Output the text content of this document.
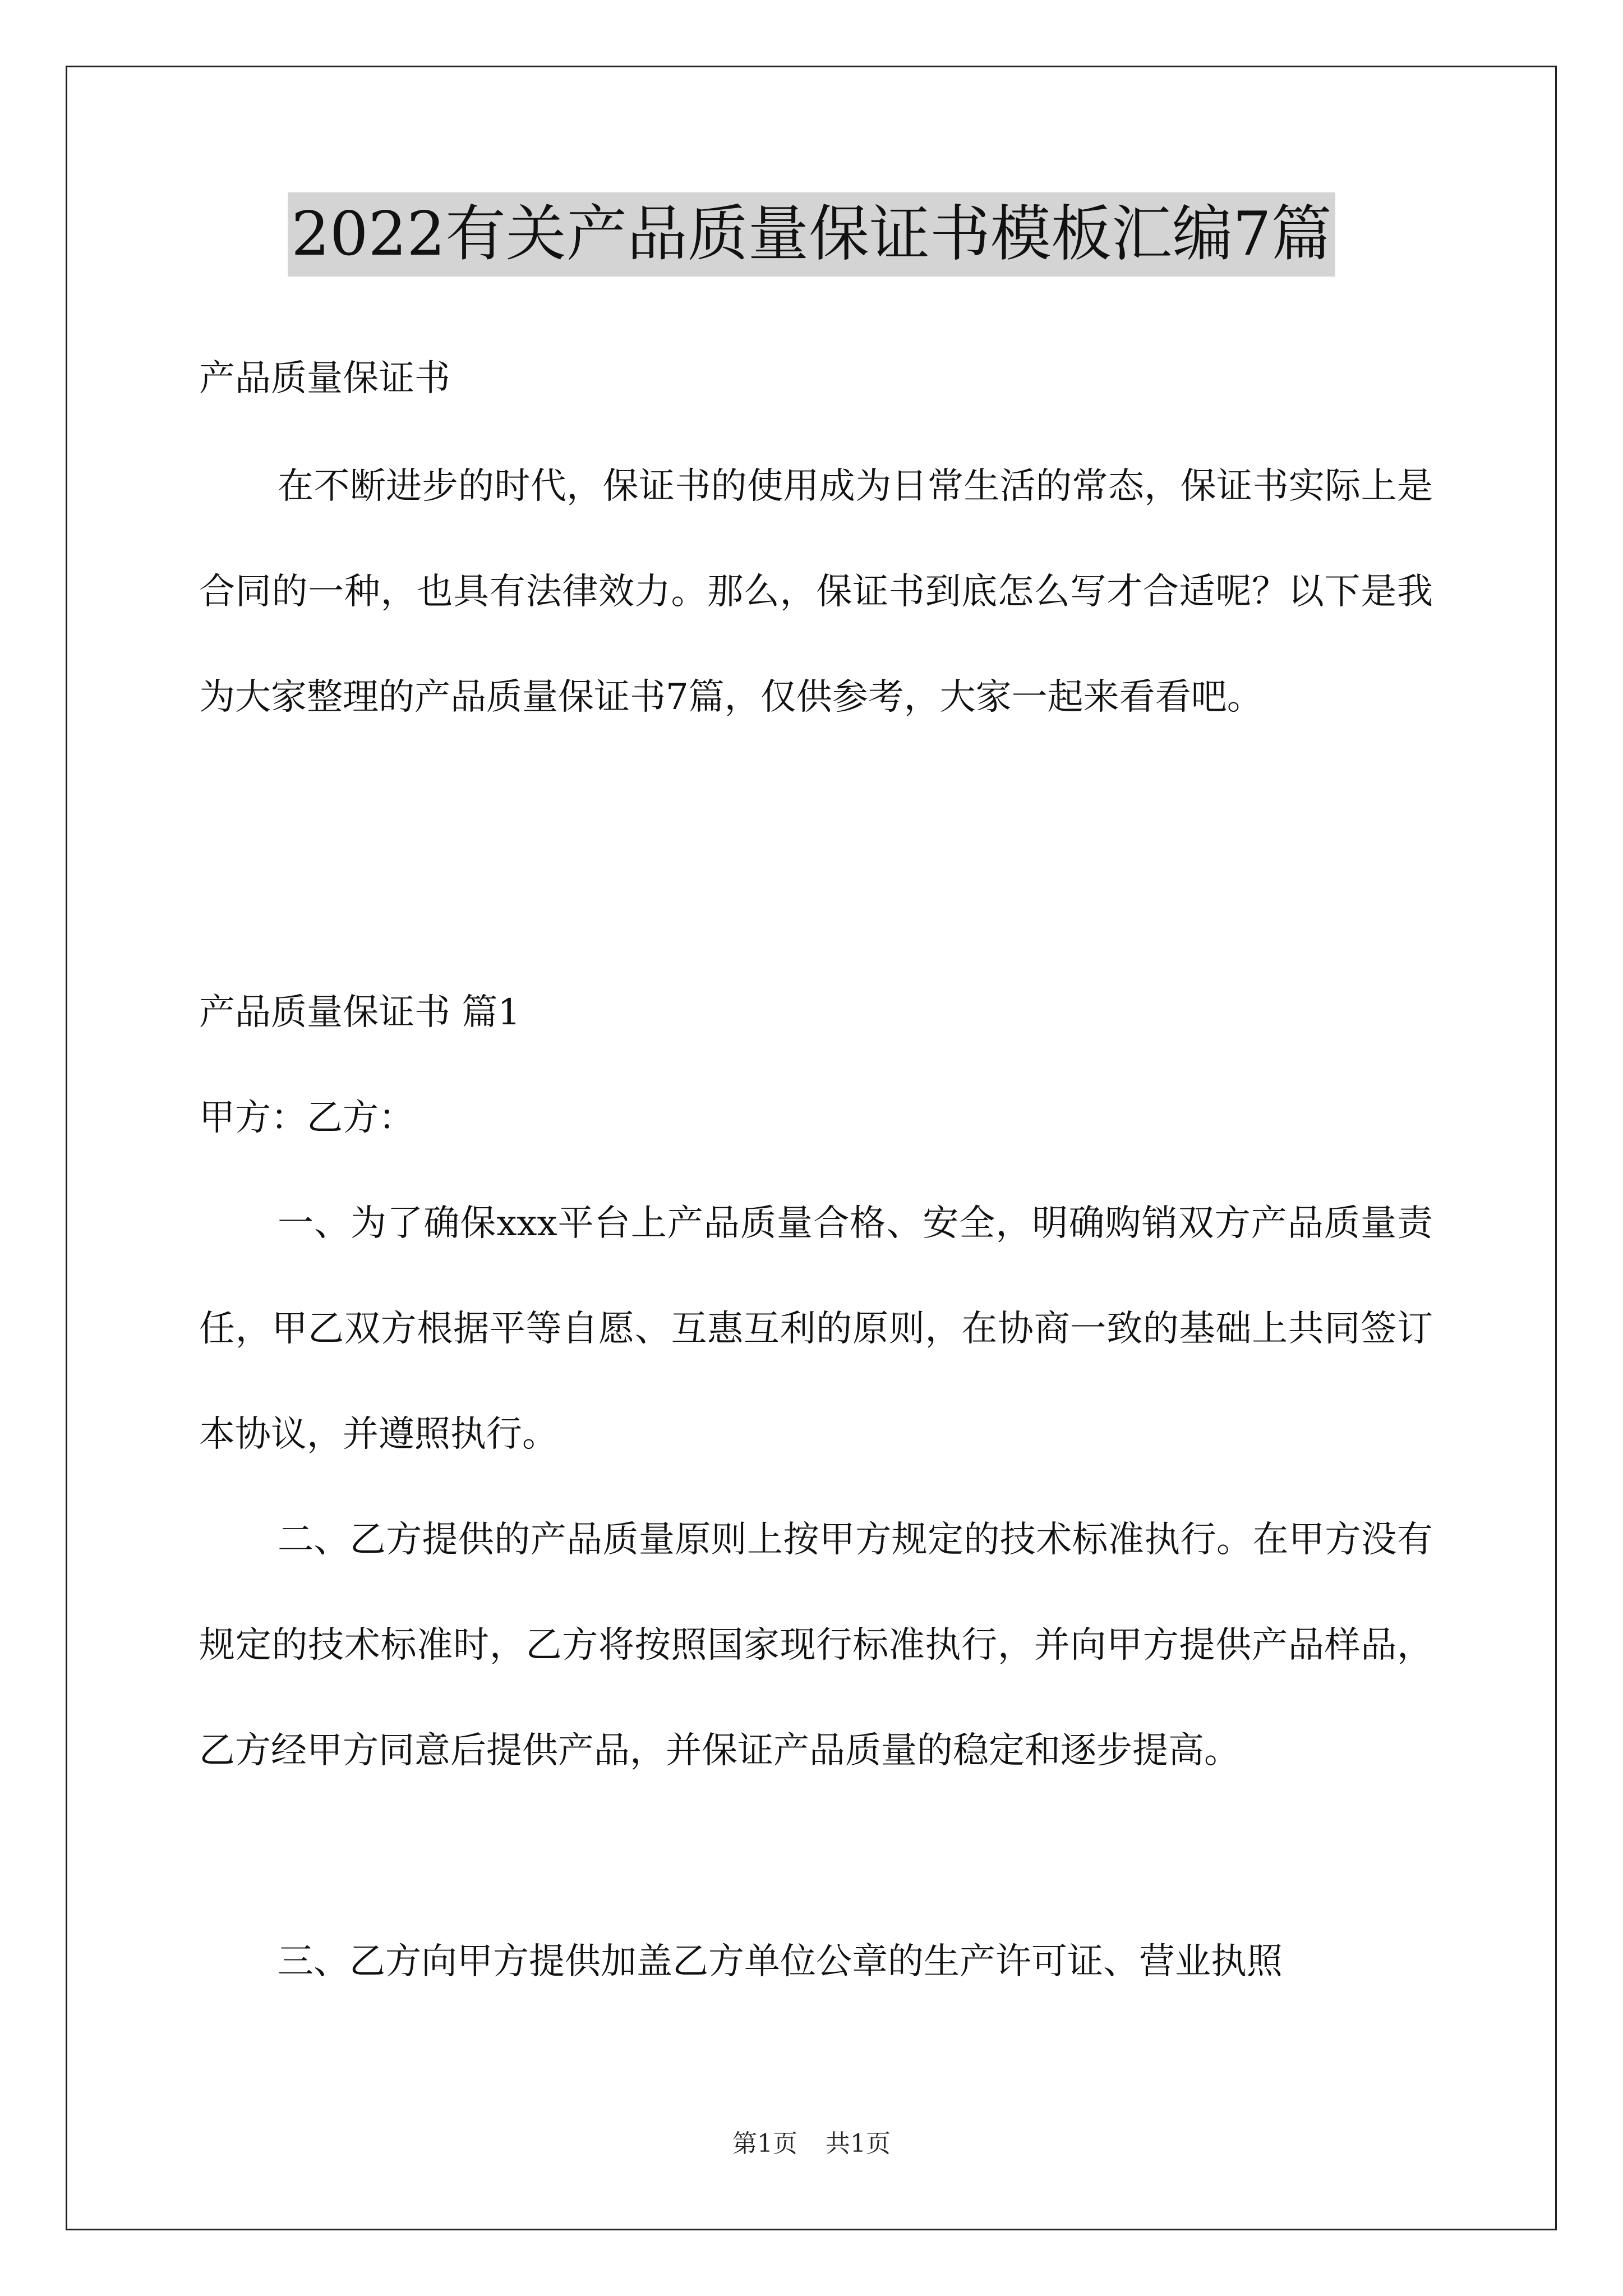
2022有关产品质量保证书模板汇编7篇
产品质量保证书
在不断进步的时代，保证书的使用成为日常生活的常态，保证书实际上是合同的一种，也具有法律效力。那么，保证书到底怎么写才合适呢？以下是我为大家整理的产品质量保证书7篇，仅供参考，大家一起来看看吧。
产品质量保证书 篇1
甲方：乙方：
一、为了确保xxx平台上产品质量合格、安全，明确购销双方产品质量责任，甲乙双方根据平等自愿、互惠互利的原则，在协商一致的基础上共同签订本协议，并遵照执行。
二、乙方提供的产品质量原则上按甲方规定的技术标准执行。在甲方没有规定的技术标准时，乙方将按照国家现行标准执行，并向甲方提供产品样品，乙方经甲方同意后提供产品，并保证产品质量的稳定和逐步提高。
三、乙方向甲方提供加盖乙方单位公章的生产许可证、营业执照
第1页 共1页
